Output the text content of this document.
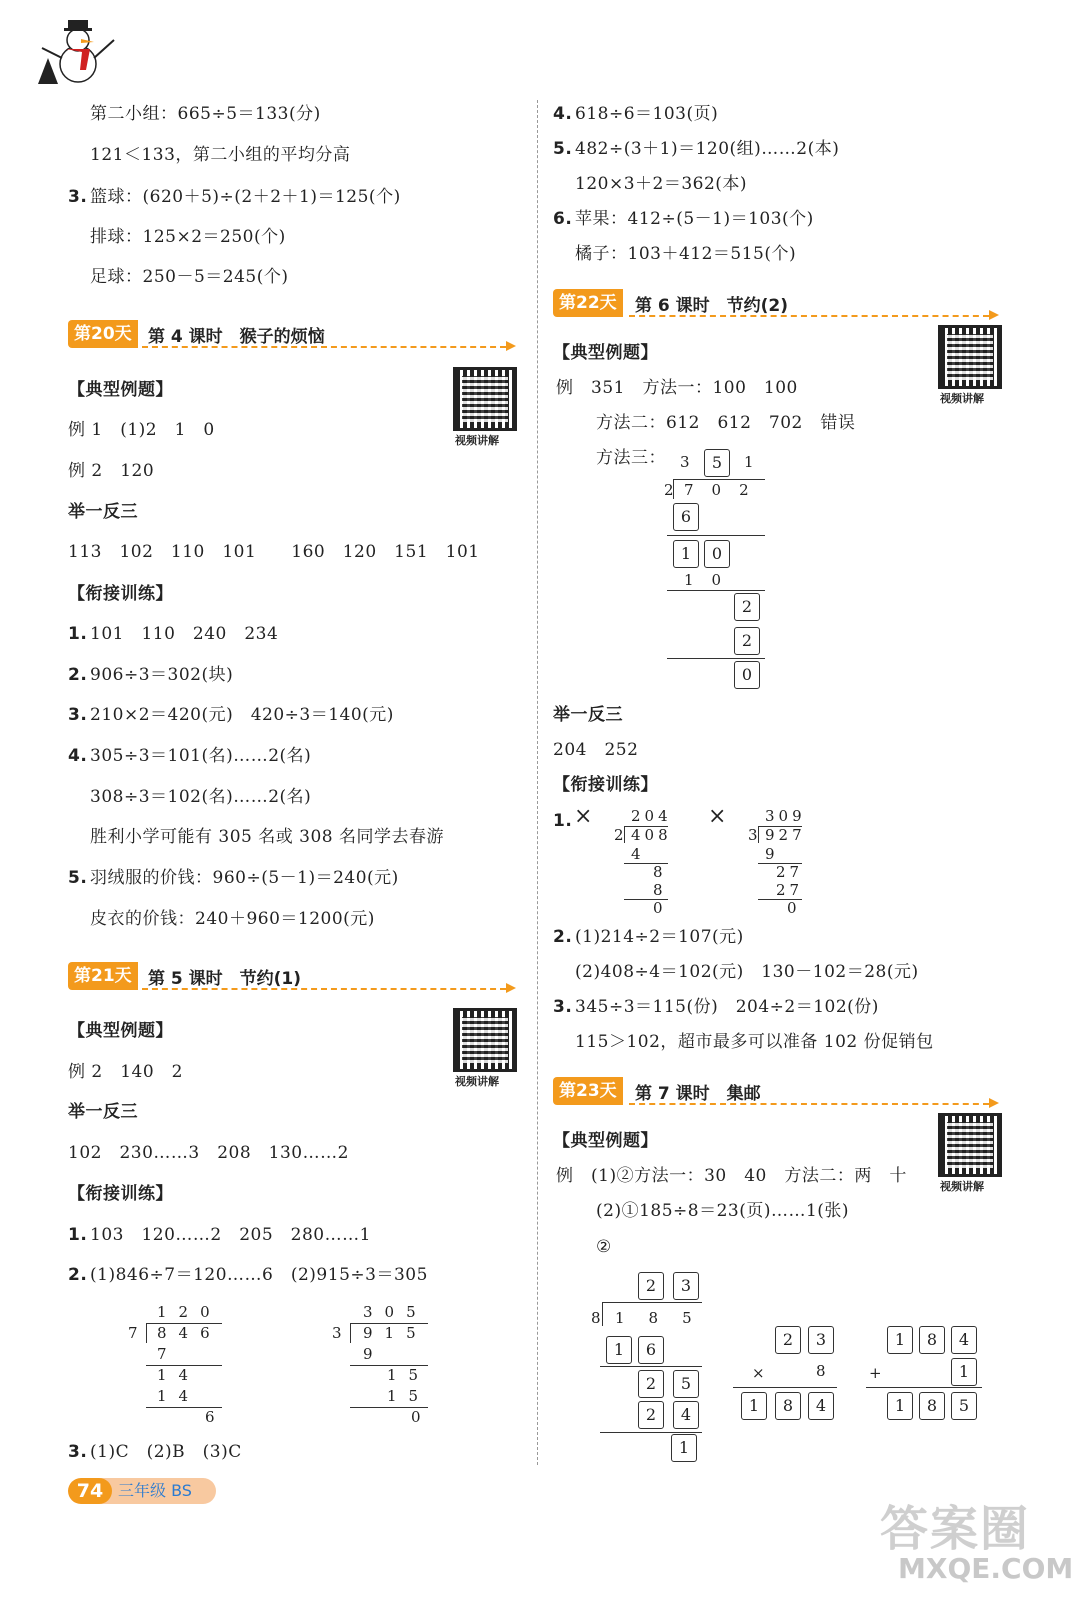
第二小组：665÷5＝133(分)
121＜133，第二小组的平均分高
3. 篮球：(620＋5)÷(2＋2＋1)＝125(个)
排球：125×2＝250(个)
足球：250－5＝245(个)
第20天 第 4 课时　猴子的烦恼
【典型例题】
视频讲解
例 1　(1)2　1　0
例 2　120
举一反三
113　102　110　101　　160　120　151　101
【衔接训练】
1. 101　110　240　234
2. 906÷3＝302(块)
3. 210×2＝420(元)　420÷3＝140(元)
4. 305÷3＝101(名)……2(名)
308÷3＝102(名)……2(名)
胜利小学可能有 305 名或 308 名同学去春游
5. 羽绒服的价钱：960÷(5－1)＝240(元)
皮衣的价钱：240＋960＝1200(元)
第21天 第 5 课时　节约(1)
【典型例题】
视频讲解
例 2　140　2
举一反三
102　230……3　208　130……2
【衔接训练】
1. 103　120……2　205　280……1
2. (1)846÷7＝120……6　(2)915÷3＝305
120
7 846
7
14
14
6
305
3 915
9
15
15
0
3. (1)C　(2)B　(3)C
4. 618÷6＝103(页)
5. 482÷(3＋1)＝120(组)……2(本)
120×3＋2＝362(本)
6. 苹果：412÷(5－1)＝103(个)
橘子：103＋412＝515(个)
第22天	第 6 课时　节约(2)
【典型例题】
视频讲解
例　351　方法一：100　100
方法二：612　612　702　错误
方法三： 3	5	1
2 702
6
1	0
10
2
2
0
举一反三
204　252
【衔接训练】
1. ×	×
204
2 408
4
8
8
0
309
3 927
9
27
27
0
2. (1)214÷2＝107(元)
(2)408÷4＝102(元)　130－102＝28(元)
3. 345÷3＝115(份)　204÷2＝102(份)
115＞102，超市最多可以准备 102 份促销包
第23天	第 7 课时　集邮
【典型例题】
视频讲解
例　(1)②方法一：30　40　方法二：两　十
(2)①185÷8＝23(页)……1(张)
②
2	3
8 185
1	6
2	5
2	4
1
2	3
×	8
1	8	4
1	8	4
+	1
1	8	5
74 三年级 BS
答案圈
MXQE.COM
